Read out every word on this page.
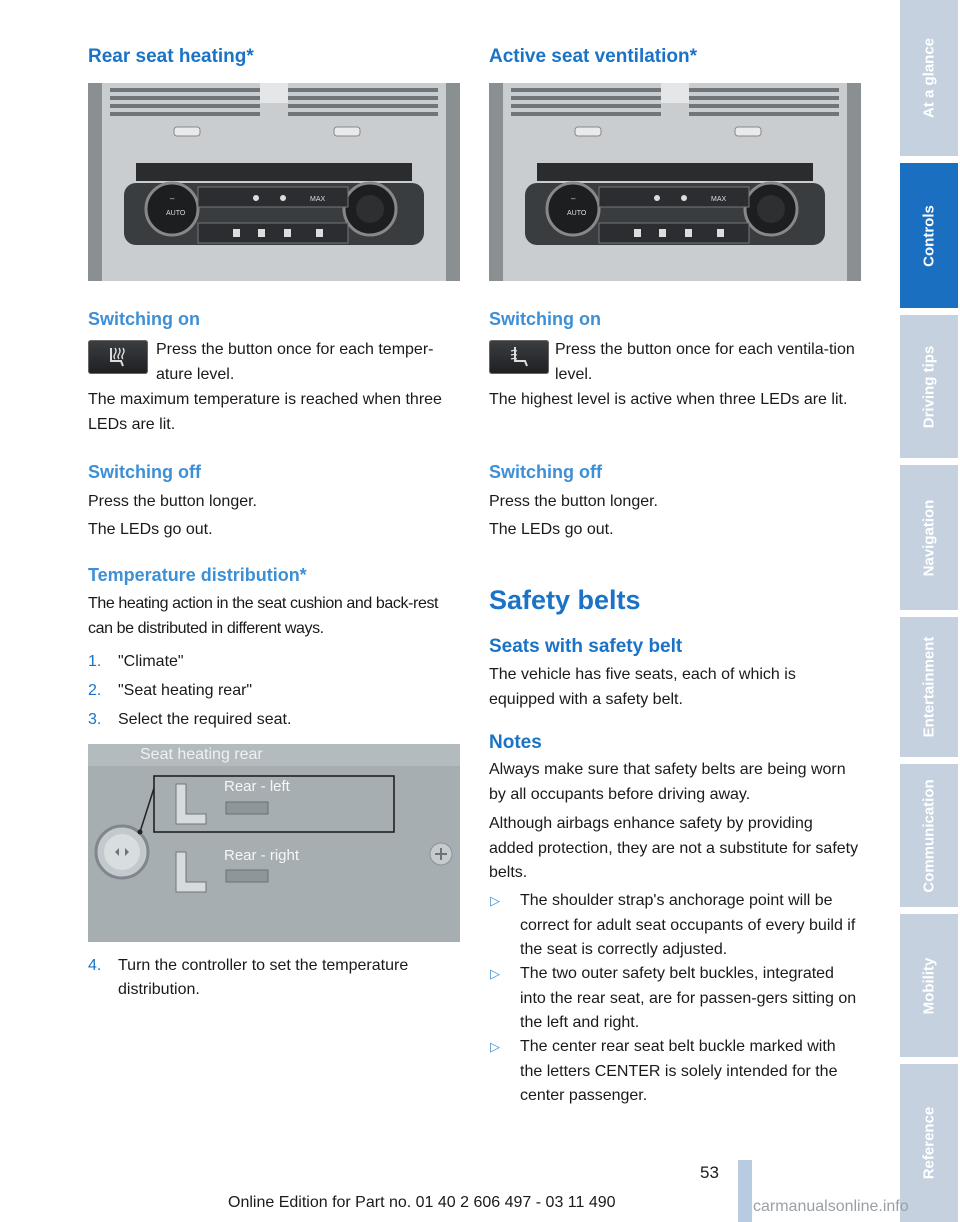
Rear seat heating*
AUTO
–	MAX
Switching on

Press the button once for each temper-ature level.

The maximum temperature is reached when three LEDs are lit.

Switching off

Press the button longer.

The LEDs go out.

Temperature distribution*

The heating action in the seat cushion and back-rest can be distributed in different ways.

1. "Climate"
2. "Seat heating rear"
3. Select the required seat.
Seat heating rear
Rear - left
Rear - right
4. Turn the controller to set the temperature distribution.
Active seat ventilation*
AUTO
–	MAX
Switching on

Press the button once for each ventila-tion level.

The highest level is active when three LEDs are lit.

Switching off

Press the button longer.

The LEDs go out.

Safety belts
Seats with safety belt

The vehicle has five seats, each of which is equipped with a safety belt.

Notes

Always make sure that safety belts are being worn by all occupants before driving away.

Although airbags enhance safety by providing added protection, they are not a substitute for safety belts.

▷ The shoulder strap's anchorage point will be correct for adult seat occupants of every build if the seat is correctly adjusted.
▷ The two outer safety belt buckles, integrated into the rear seat, are for passen-gers sitting on the left and right.
▷ The center rear seat belt buckle marked with the letters CENTER is solely intended for the center passenger.
At a glance
Controls
Driving tips
Navigation
Entertainment
Communication
Mobility
Reference
53
Online Edition for Part no. 01 40 2 606 497 - 03 11 490	carmanualsonline.info
